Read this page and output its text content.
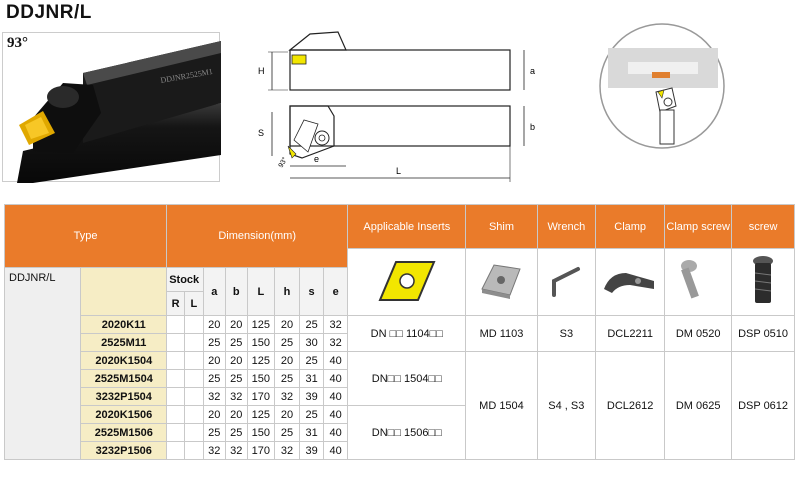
DDJNR/L
DDJNR2525M1
93°
H	a
S
b
e
L
93°
Type		Dimension(mm)								Applicable Inserts	Shim	Wrench	Clamp	Clamp screw	screw

DDJNR/L		Stock		a	b	L	h	s	e						
		R	L												
	2020K11			20	20	125	20	25	32	DN □□ 1104□□	MD 1103	S3	DCL2211	DM 0520	DSP 0510
	2525M11			25	25	150	25	30	32						
	2020K1504			20	20	125	20	25	40	DN□□ 1504□□	MD 1504	S4 , S3	DCL2612	DM 0625	DSP 0612
	2525M1504			25	25	150	25	31	40						
	3232P1504			32	32	170	32	39	40						
	2020K1506			20	20	125	20	25	40	DN□□ 1506□□					
	2525M1506			25	25	150	25	31	40						
	3232P1506			32	32	170	32	39	40						
